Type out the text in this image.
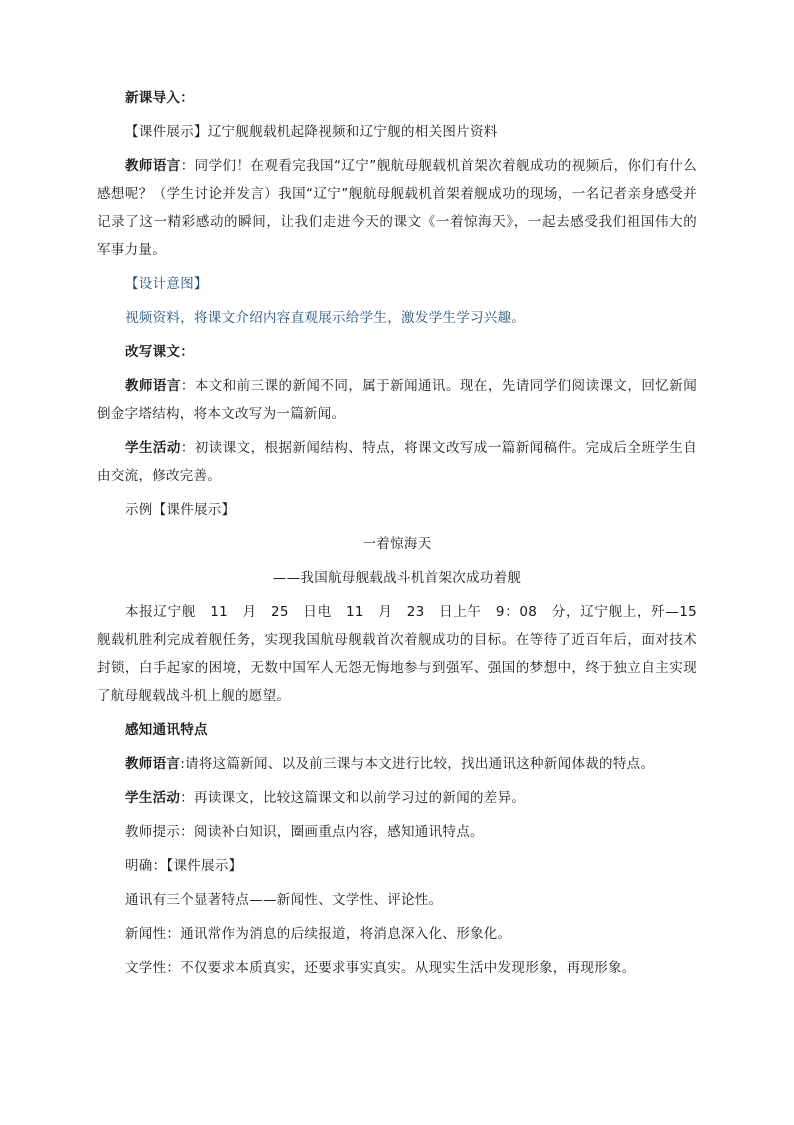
新课导入：

【课件展示】辽宁舰舰载机起降视频和辽宁舰的相关图片资料

教师语言：同学们！在观看完我国“辽宁”舰航母舰载机首架次着舰成功的视频后，你们有什么感想呢？（学生讨论并发言）我国“辽宁”舰航母舰载机首架着舰成功的现场，一名记者亲身感受并记录了这一精彩感动的瞬间，让我们走进今天的课文《一着惊海天》，一起去感受我们祖国伟大的军事力量。

【设计意图】

视频资料，将课文介绍内容直观展示给学生，激发学生学习兴趣。

改写课文：

教师语言：本文和前三课的新闻不同，属于新闻通讯。现在，先请同学们阅读课文，回忆新闻倒金字塔结构，将本文改写为一篇新闻。

学生活动：初读课文，根据新闻结构、特点，将课文改写成一篇新闻稿件。完成后全班学生自由交流，修改完善。

示例【课件展示】

一着惊海天

——我国航母舰载战斗机首架次成功着舰

本报辽宁舰　11　月　25　日电　11　月　23　日上午　9：08　分，辽宁舰上，歼—15　舰载机胜利完成着舰任务，实现我国航母舰载首次着舰成功的目标。在等待了近百年后，面对技术封锁，白手起家的困境，无数中国军人无怨无悔地参与到强军、强国的梦想中，终于独立自主实现了航母舰载战斗机上舰的愿望。

感知通讯特点

教师语言:请将这篇新闻、以及前三课与本文进行比较，找出通讯这种新闻体裁的特点。

学生活动：再读课文，比较这篇课文和以前学习过的新闻的差异。

教师提示：阅读补白知识，圈画重点内容，感知通讯特点。

明确：【课件展示】

通讯有三个显著特点——新闻性、文学性、评论性。

新闻性：通讯常作为消息的后续报道，将消息深入化、形象化。

文学性：不仅要求本质真实，还要求事实真实。从现实生活中发现形象，再现形象。
